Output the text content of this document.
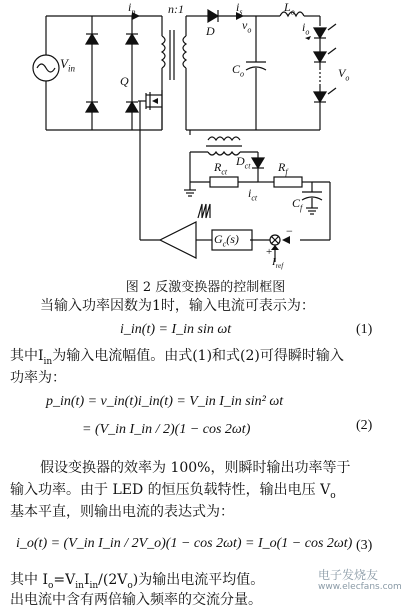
$V_{in}$
$i_p$	n:1
Q
D
$i_s$
$v_o$
$L_o$
$i_o$
$C_o$	$V_o$
$D_{ct}$
$R_{ct}$	$R_f$
$i_{ct}$	$C_f$
$G_c(s)$
$I_{ref}$
−
+
图 2 反激变换器的控制框图
当输入功率因数为1时，输入电流可表示为：
i_in(t) = I_in sin ωt	(1)
其中$I_{in}$为输入电流幅值。由式(1)和式(2)可得瞬时输入
功率为：
p_in(t) = v_in(t)i_in(t) = V_in I_in sin² ωt
= (V_in I_in / 2)(1 − cos 2ωt)	(2)
假设变换器的效率为 100%，则瞬时输出功率等于
输入功率。由于 LED 的恒压负载特性，输出电压 $V_o$
基本平直，则输出电流的表达式为：
i_o(t) = (V_in I_in / 2V_o)(1 − cos 2ωt) = I_o(1 − cos 2ωt) (3)
其中 $I_o=V_{in}I_{in}/(2V_o)$为输出电流平均值。
出电流中含有两倍输入频率的交流分量。
电子发烧友
www.elecfans.com
